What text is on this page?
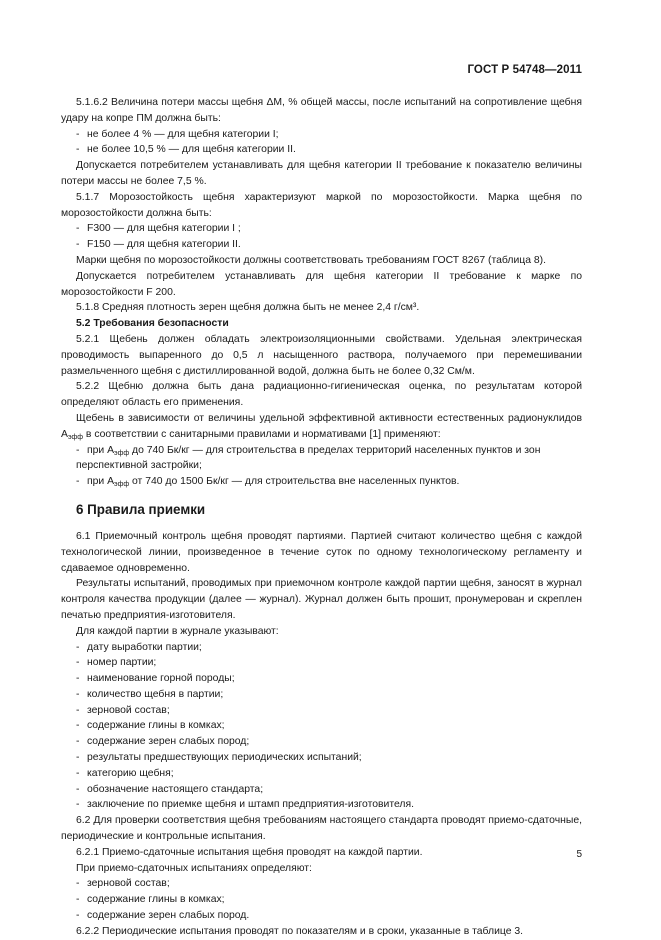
ГОСТ Р 54748—2011

5.1.6.2 Величина потери массы щебня ΔМ, % общей массы, после испытаний на сопротивление щебня удару на копре ПМ должна быть:

- не более 4 % — для щебня категории I;

- не более 10,5 % — для щебня категории II.

Допускается потребителем устанавливать для щебня категории II требование к показателю величины потери массы не более 7,5 %.

5.1.7 Морозостойкость щебня характеризуют маркой по морозостойкости. Марка щебня по морозостойкости должна быть:

- F300 — для щебня категории I ;

- F150 — для щебня категории II.

Марки щебня по морозостойкости должны соответствовать требованиям ГОСТ 8267 (таблица 8).

Допускается потребителем устанавливать для щебня категории II требование к марке по морозостойкости F 200.

5.1.8 Средняя плотность зерен щебня должна быть не менее 2,4 г/см³.

5.2 Требования безопасности

5.2.1 Щебень должен обладать электроизоляционными свойствами. Удельная электрическая проводимость выпаренного до 0,5 л насыщенного раствора, получаемого при перемешивании размельченного щебня с дистиллированной водой, должна быть не более 0,32 См/м.

5.2.2 Щебню должна быть дана радиационно-гигиеническая оценка, по результатам которой определяют область его применения.

Щебень в зависимости от величины удельной эффективной активности естественных радионуклидов $А_{эфф}$ в соответствии с санитарными правилами и нормативами [1] применяют:

- при $А_{эфф}$ до 740 Бк/кг — для строительства в пределах территорий населенных пунктов и зон перспективной застройки;

- при $А_{эфф}$ от 740 до 1500 Бк/кг — для строительства вне населенных пунктов.

6 Правила приемки

6.1 Приемочный контроль щебня проводят партиями. Партией считают количество щебня с каждой технологической линии, произведенное в течение суток по одному технологическому регламенту и сдаваемое одновременно.

Результаты испытаний, проводимых при приемочном контроле каждой партии щебня, заносят в журнал контроля качества продукции (далее — журнал). Журнал должен быть прошит, пронумерован и скреплен печатью предприятия-изготовителя.

Для каждой партии в журнале указывают:

- дату выработки партии;

- номер партии;

- наименование горной породы;

- количество щебня в партии;

- зерновой состав;

- содержание глины в комках;

- содержание зерен слабых пород;

- результаты предшествующих периодических испытаний;

- категорию щебня;

- обозначение настоящего стандарта;

- заключение по приемке щебня и штамп предприятия-изготовителя.

6.2 Для проверки соответствия щебня требованиям настоящего стандарта проводят приемо-сдаточные, периодические и контрольные испытания.

6.2.1 Приемо-сдаточные испытания щебня проводят на каждой партии.

При приемо-сдаточных испытаниях определяют:

- зерновой состав;

- содержание глины в комках;

- содержание зерен слабых пород.

6.2.2 Периодические испытания проводят по показателям и в сроки, указанные в таблице 3.

5
